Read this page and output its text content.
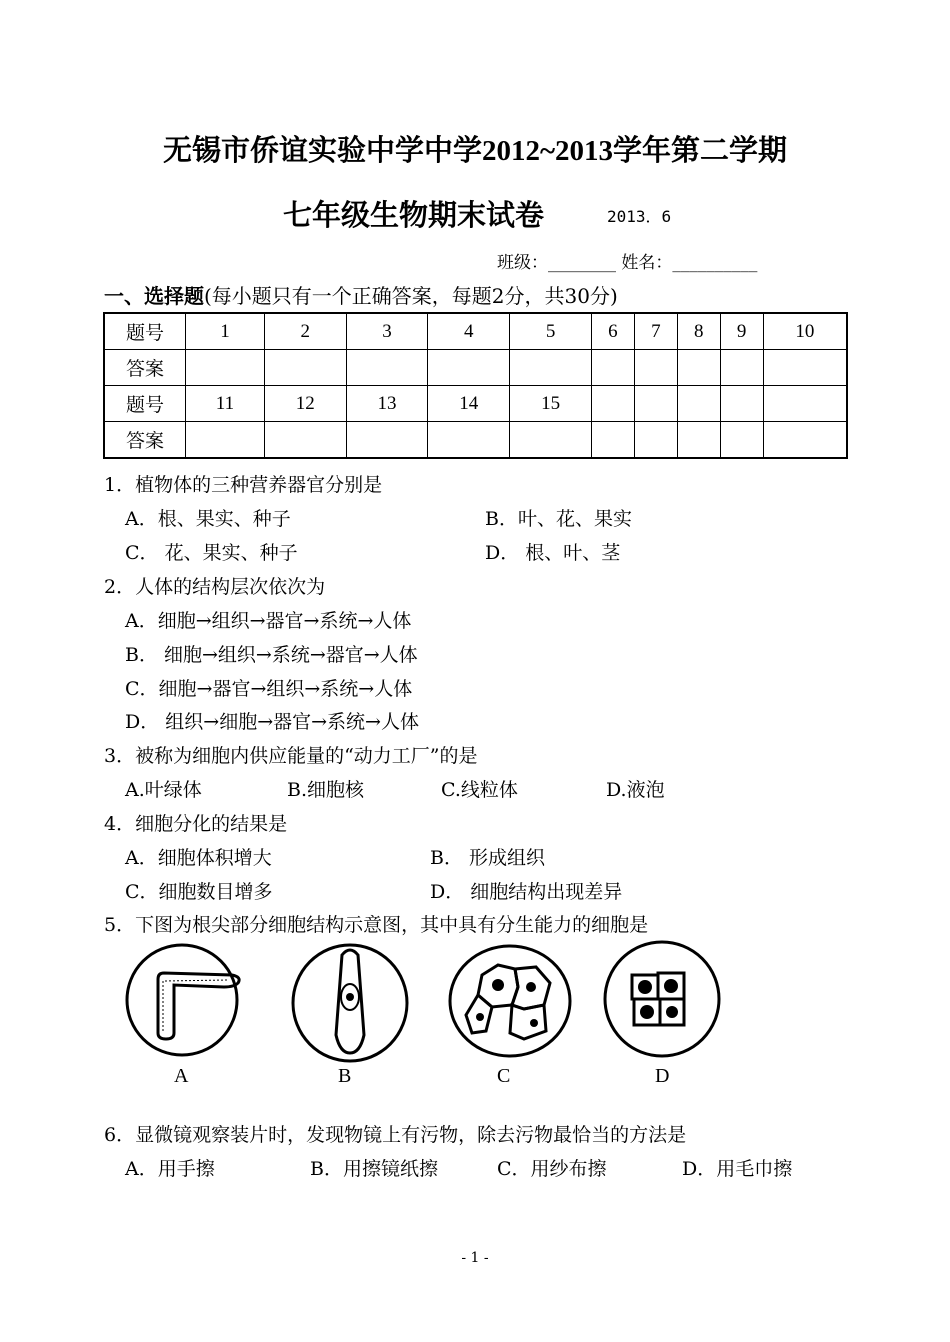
无锡市侨谊实验中学中学2012~2013学年第二学期
七年级生物期末试卷	2013．6
班级：________ 姓名：__________
一、选择题(每小题只有一个正确答案，每题2分，共30分)
题号	1	2	3	4	5	6	7	8	9	10
答案										
题号	11	12	13	14	15					
答案										
1．植物体的三种营养器官分别是
A．根、果实、种子	B．叶、花、果实
C． 花、果实、种子	D． 根、叶、茎
2．人体的结构层次依次为
A．细胞→组织→器官→系统→人体
B． 细胞→组织→系统→器官→人体
C．细胞→器官→组织→系统→人体
D． 组织→细胞→器官→系统→人体
3．被称为细胞内供应能量的“动力工厂”的是
A.叶绿体	B.细胞核	C.线粒体	D.液泡
4．细胞分化的结果是
A．细胞体积增大	B． 形成组织
C．细胞数目增多	D． 细胞结构出现差异
5．下图为根尖部分细胞结构示意图，其中具有分生能力的细胞是
A	B	C	D
6．显微镜观察装片时，发现物镜上有污物，除去污物最恰当的方法是
A．用手擦	B．用擦镜纸擦	C．用纱布擦	D．用毛巾擦
- 1 -
